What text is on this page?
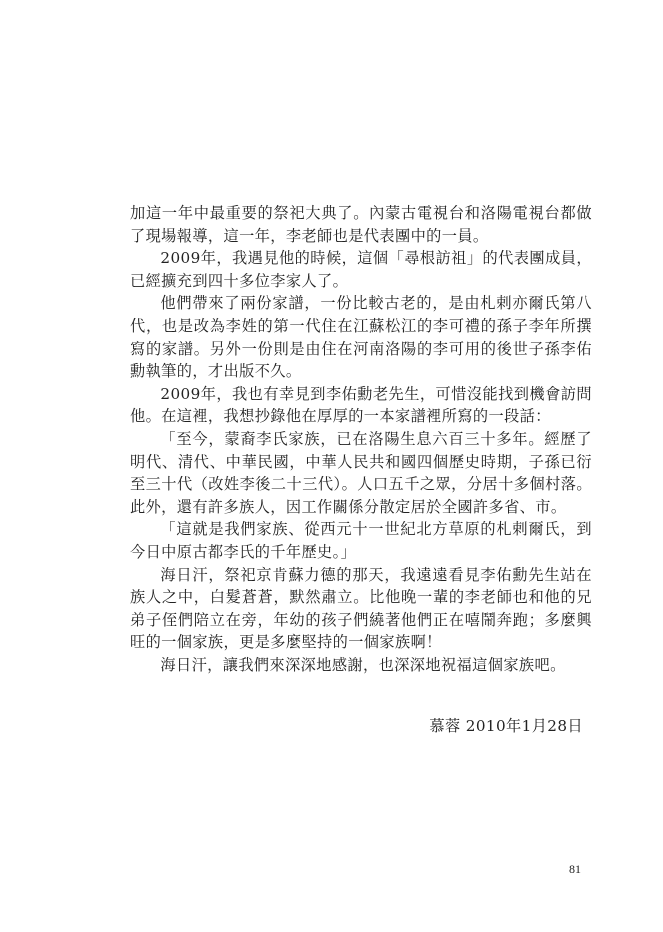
加這一年中最重要的祭祀大典了。內蒙古電視台和洛陽電視台都做了現場報導，這一年，李老師也是代表團中的一員。

2009年，我遇見他的時候，這個「尋根訪祖」的代表團成員，已經擴充到四十多位李家人了。

他們帶來了兩份家譜，一份比較古老的，是由札剌亦爾氏第八代，也是改為李姓的第一代住在江蘇松江的李可禮的孫子李年所撰寫的家譜。另外一份則是由住在河南洛陽的李可用的後世子孫李佑勳執筆的，才出版不久。

2009年，我也有幸見到李佑勳老先生，可惜沒能找到機會訪問他。在這裡，我想抄錄他在厚厚的一本家譜裡所寫的一段話：

「至今，蒙裔李氏家族，已在洛陽生息六百三十多年。經歷了明代、清代、中華民國，中華人民共和國四個歷史時期，子孫已衍至三十代（改姓李後二十三代）。人口五千之眾，分居十多個村落。此外，還有許多族人，因工作關係分散定居於全國許多省、市。

「這就是我們家族、從西元十一世紀北方草原的札剌爾氏，到今日中原古都李氏的千年歷史。」

海日汗，祭祀京肯蘇力德的那天，我遠遠看見李佑勳先生站在族人之中，白髮蒼蒼，默然肅立。比他晚一輩的李老師也和他的兄弟子侄們陪立在旁，年幼的孩子們繞著他們正在嘻鬧奔跑；多麼興旺的一個家族，更是多麼堅持的一個家族啊！

海日汗，讓我們來深深地感謝，也深深地祝福這個家族吧。

慕蓉 2010年1月28日
81
